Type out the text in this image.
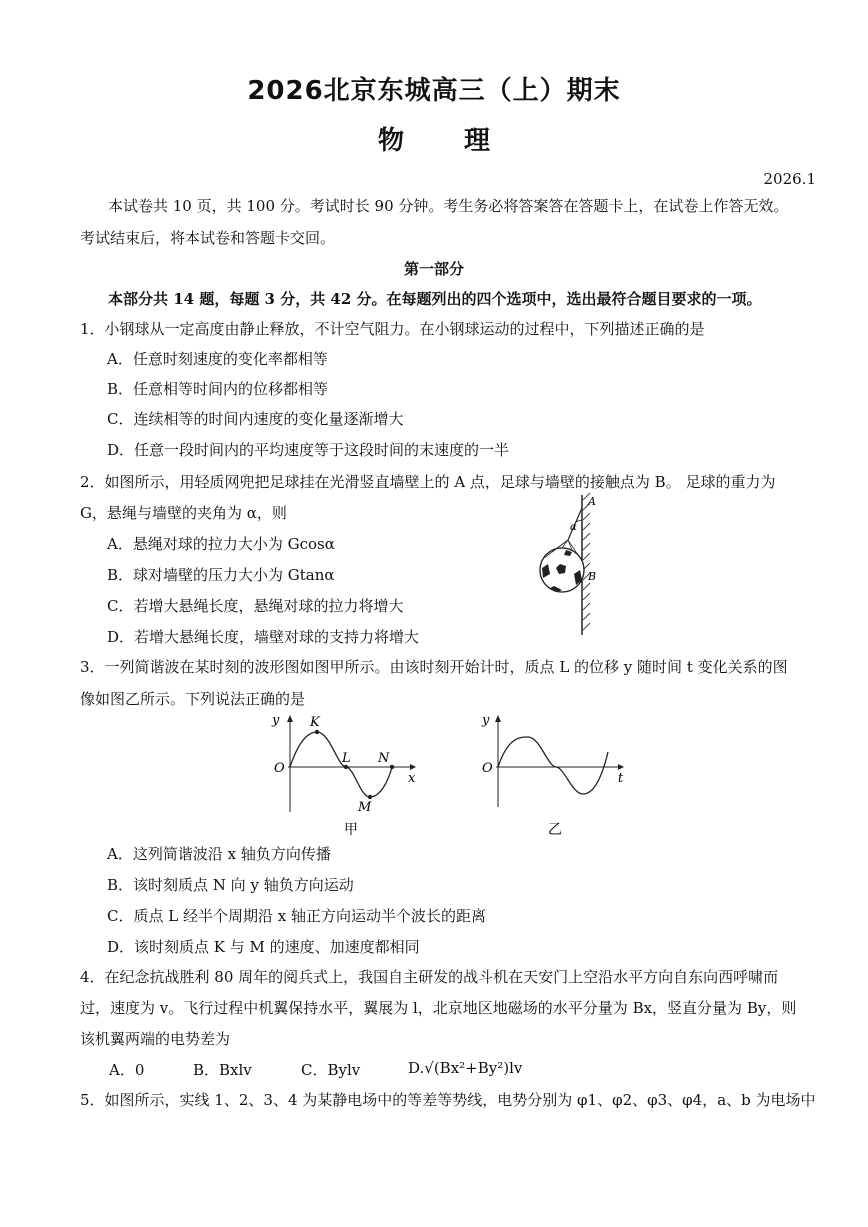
2026北京东城高三（上）期末
物 理
2026.1
本试卷共 10 页，共 100 分。考试时长 90 分钟。考生务必将答案答在答题卡上，在试卷上作答无效。
考试结束后，将本试卷和答题卡交回。
第一部分
本部分共 14 题，每题 3 分，共 42 分。在每题列出的四个选项中，选出最符合题目要求的一项。
1．小钢球从一定高度由静止释放，不计空气阻力。在小钢球运动的过程中，下列描述正确的是
A．任意时刻速度的变化率都相等
B．任意相等时间内的位移都相等
C．连续相等的时间内速度的变化量逐渐增大
D．任意一段时间内的平均速度等于这段时间的末速度的一半
2．如图所示，用轻质网兜把足球挂在光滑竖直墙壁上的 A 点，足球与墙壁的接触点为 B。 足球的重力为
G，悬绳与墙壁的夹角为 α，则
A．悬绳对球的拉力大小为 Gcosα
B．球对墙壁的压力大小为 Gtanα
C．若增大悬绳长度，悬绳对球的拉力将增大
D．若增大悬绳长度，墙壁对球的支持力将增大
A
α
B
3．一列简谐波在某时刻的波形图如图甲所示。由该时刻开始计时，质点 L 的位移 y 随时间 t 变化关系的图
像如图乙所示。下列说法正确的是
y
x
O
K
L N
M
甲
y
t
O
乙
A．这列简谐波沿 x 轴负方向传播
B．该时刻质点 N 向 y 轴负方向运动
C．质点 L 经半个周期沿 x 轴正方向运动半个波长的距离
D．该时刻质点 K 与 M 的速度、加速度都相同
4．在纪念抗战胜利 80 周年的阅兵式上，我国自主研发的战斗机在天安门上空沿水平方向自东向西呼啸而
过，速度为 v。飞行过程中机翼保持水平，翼展为 l，北京地区地磁场的水平分量为 Bx，竖直分量为 By，则
该机翼两端的电势差为
A．0	B．Bxlv	C．Bylv	D.√(Bx²+By²)lv
5．如图所示，实线 1、2、3、4 为某静电场中的等差等势线，电势分别为 φ1、φ2、φ3、φ4，a、b 为电场中
